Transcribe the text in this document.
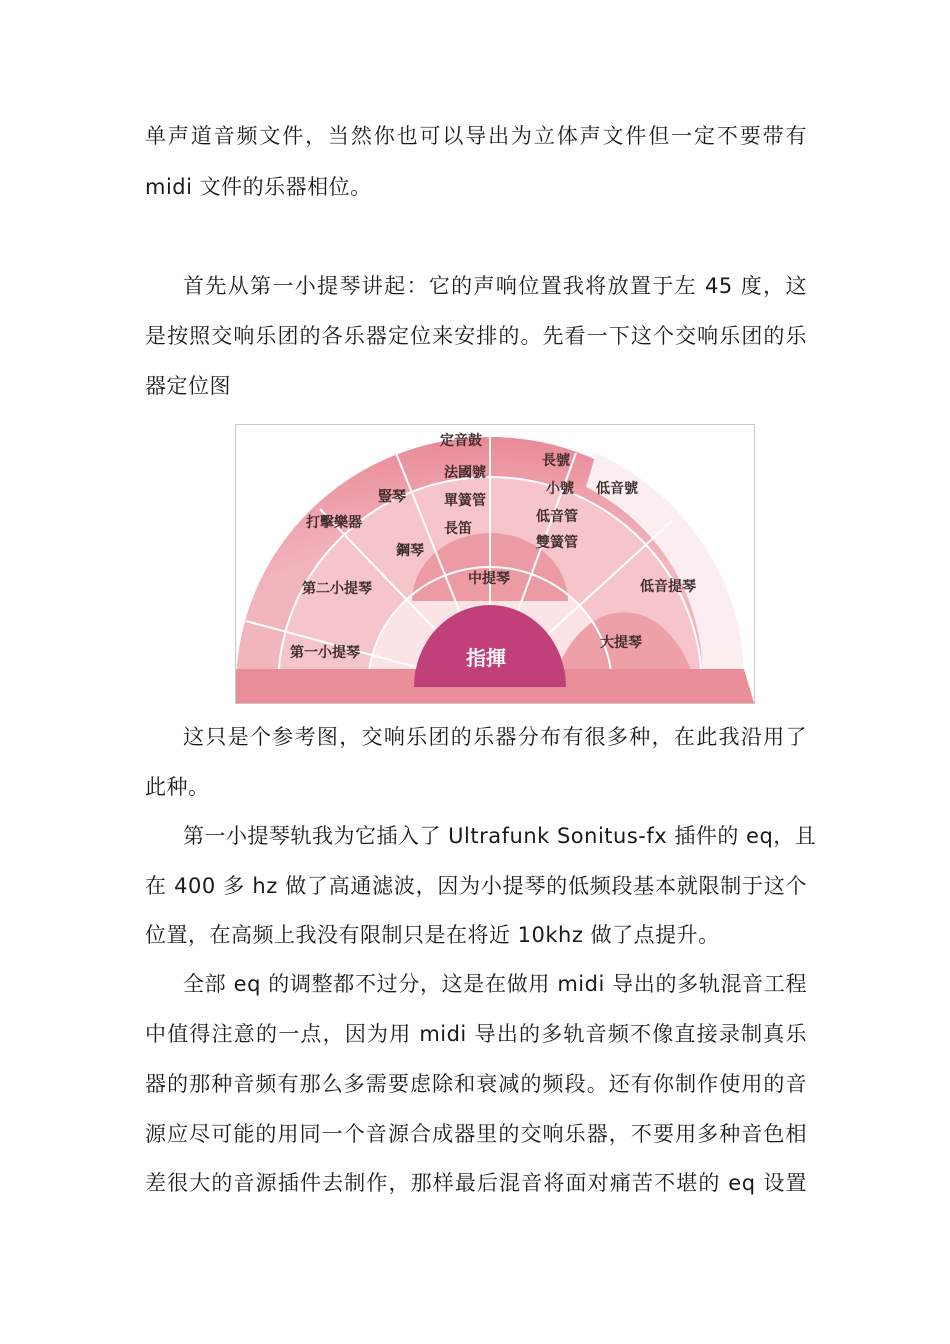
单声道音频文件，当然你也可以导出为立体声文件但一定不要带有
midi 文件的乐器相位。
首先从第一小提琴讲起：它的声响位置我将放置于左 45 度，这
是按照交响乐团的各乐器定位来安排的。先看一下这个交响乐团的乐
器定位图
定音鼓
法國號
單簧管
長笛
長號
小號 低音號
低音管
雙簧管
豎琴
打擊樂器
鋼琴
中提琴
第二小提琴	低音提琴
大提琴
第一小提琴	指揮
这只是个参考图，交响乐团的乐器分布有很多种，在此我沿用了
此种。
第一小提琴轨我为它插入了 Ultrafunk Sonitus-fx 插件的 eq，且
在 400 多 hz 做了高通滤波，因为小提琴的低频段基本就限制于这个
位置，在高频上我没有限制只是在将近 10khz 做了点提升。
全部 eq 的调整都不过分，这是在做用 midi 导出的多轨混音工程
中值得注意的一点，因为用 midi 导出的多轨音频不像直接录制真乐
器的那种音频有那么多需要虑除和衰减的频段。还有你制作使用的音
源应尽可能的用同一个音源合成器里的交响乐器，不要用多种音色相
差很大的音源插件去制作，那样最后混音将面对痛苦不堪的 eq 设置
